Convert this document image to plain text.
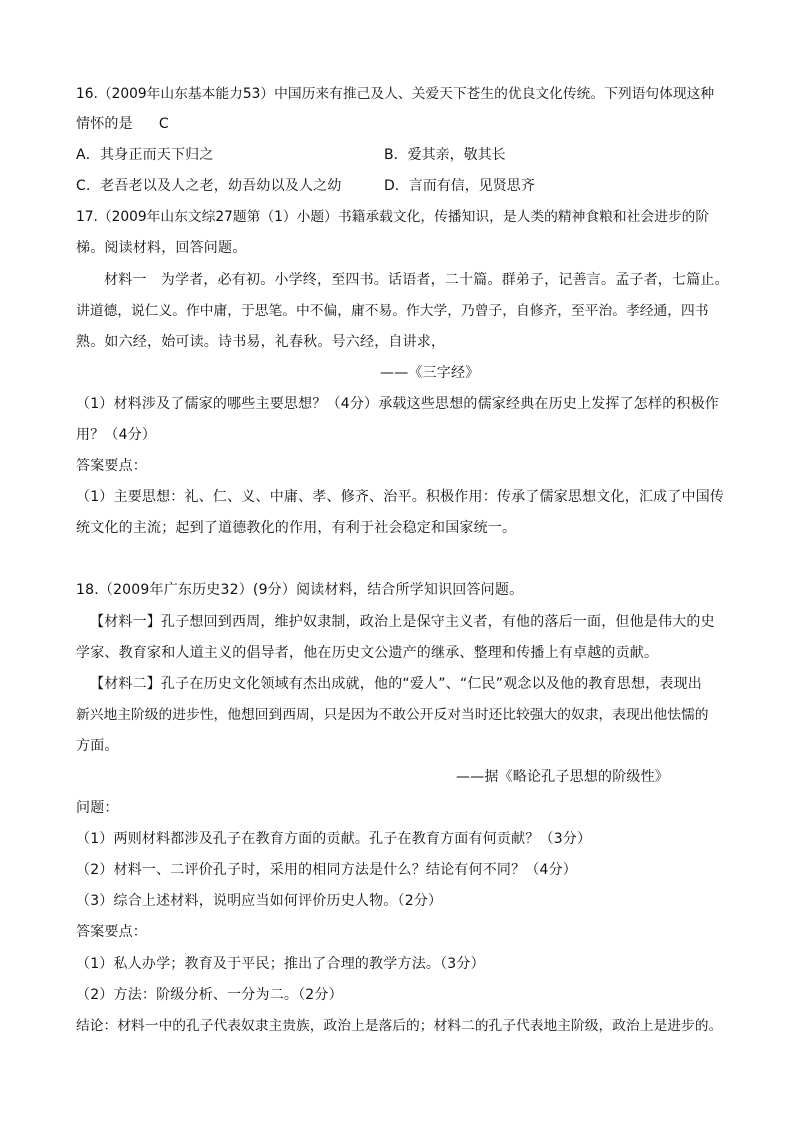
16.（2009年山东基本能力53）中国历来有推己及人、关爱天下苍生的优良文化传统。下列语句体现这种
情怀的是 C
A．其身正而天下归之	B．爱其亲，敬其长
C．老吾老以及人之老，幼吾幼以及人之幼	D．言而有信，见贤思齐
17.（2009年山东文综27题第（1）小题）书籍承载文化，传播知识，是人类的精神食粮和社会进步的阶
梯。阅读材料，回答问题。
材料一　为学者，必有初。小学终，至四书。话语者，二十篇。群弟子，记善言。孟子者，七篇止。
讲道德，说仁义。作中庸，于思笔。中不偏，庸不易。作大学，乃曾子，自修齐，至平治。孝经通，四书
熟。如六经，始可读。诗书易，礼春秋。号六经，自讲求，
——《三字经》
（1）材料涉及了儒家的哪些主要思想？（4分）承载这些思想的儒家经典在历史上发挥了怎样的积极作
用？（4分）
答案要点：
（1）主要思想：礼、仁、义、中庸、孝、修齐、治平。积极作用：传承了儒家思想文化，汇成了中国传
统文化的主流；起到了道德教化的作用，有利于社会稳定和国家统一。
18.（2009年广东历史32）(9分）阅读材料，结合所学知识回答问题。
【材料一】孔子想回到西周，维护奴隶制，政治上是保守主义者，有他的落后一面，但他是伟大的史
学家、教育家和人道主义的倡导者，他在历史文公遗产的继承、整理和传播上有卓越的贡献。
【材料二】孔子在历史文化领域有杰出成就，他的“爱人”、“仁民”观念以及他的教育思想，表现出
新兴地主阶级的进步性，他想回到西周，只是因为不敢公开反对当时还比较强大的奴隶，表现出他怯懦的
方面。
——据《略论孔子思想的阶级性》
问题：
（1）两则材料都涉及孔子在教育方面的贡献。孔子在教育方面有何贡献？（3分）
（2）材料一、二评价孔子时，采用的相同方法是什么？结论有何不同？（4分）
（3）综合上述材料，说明应当如何评价历史人物。（2分）
答案要点：
（1）私人办学；教育及于平民；推出了合理的教学方法。（3分）
（2）方法：阶级分析、一分为二。（2分）
结论：材料一中的孔子代表奴隶主贵族，政治上是落后的；材料二的孔子代表地主阶级，政治上是进步的。
